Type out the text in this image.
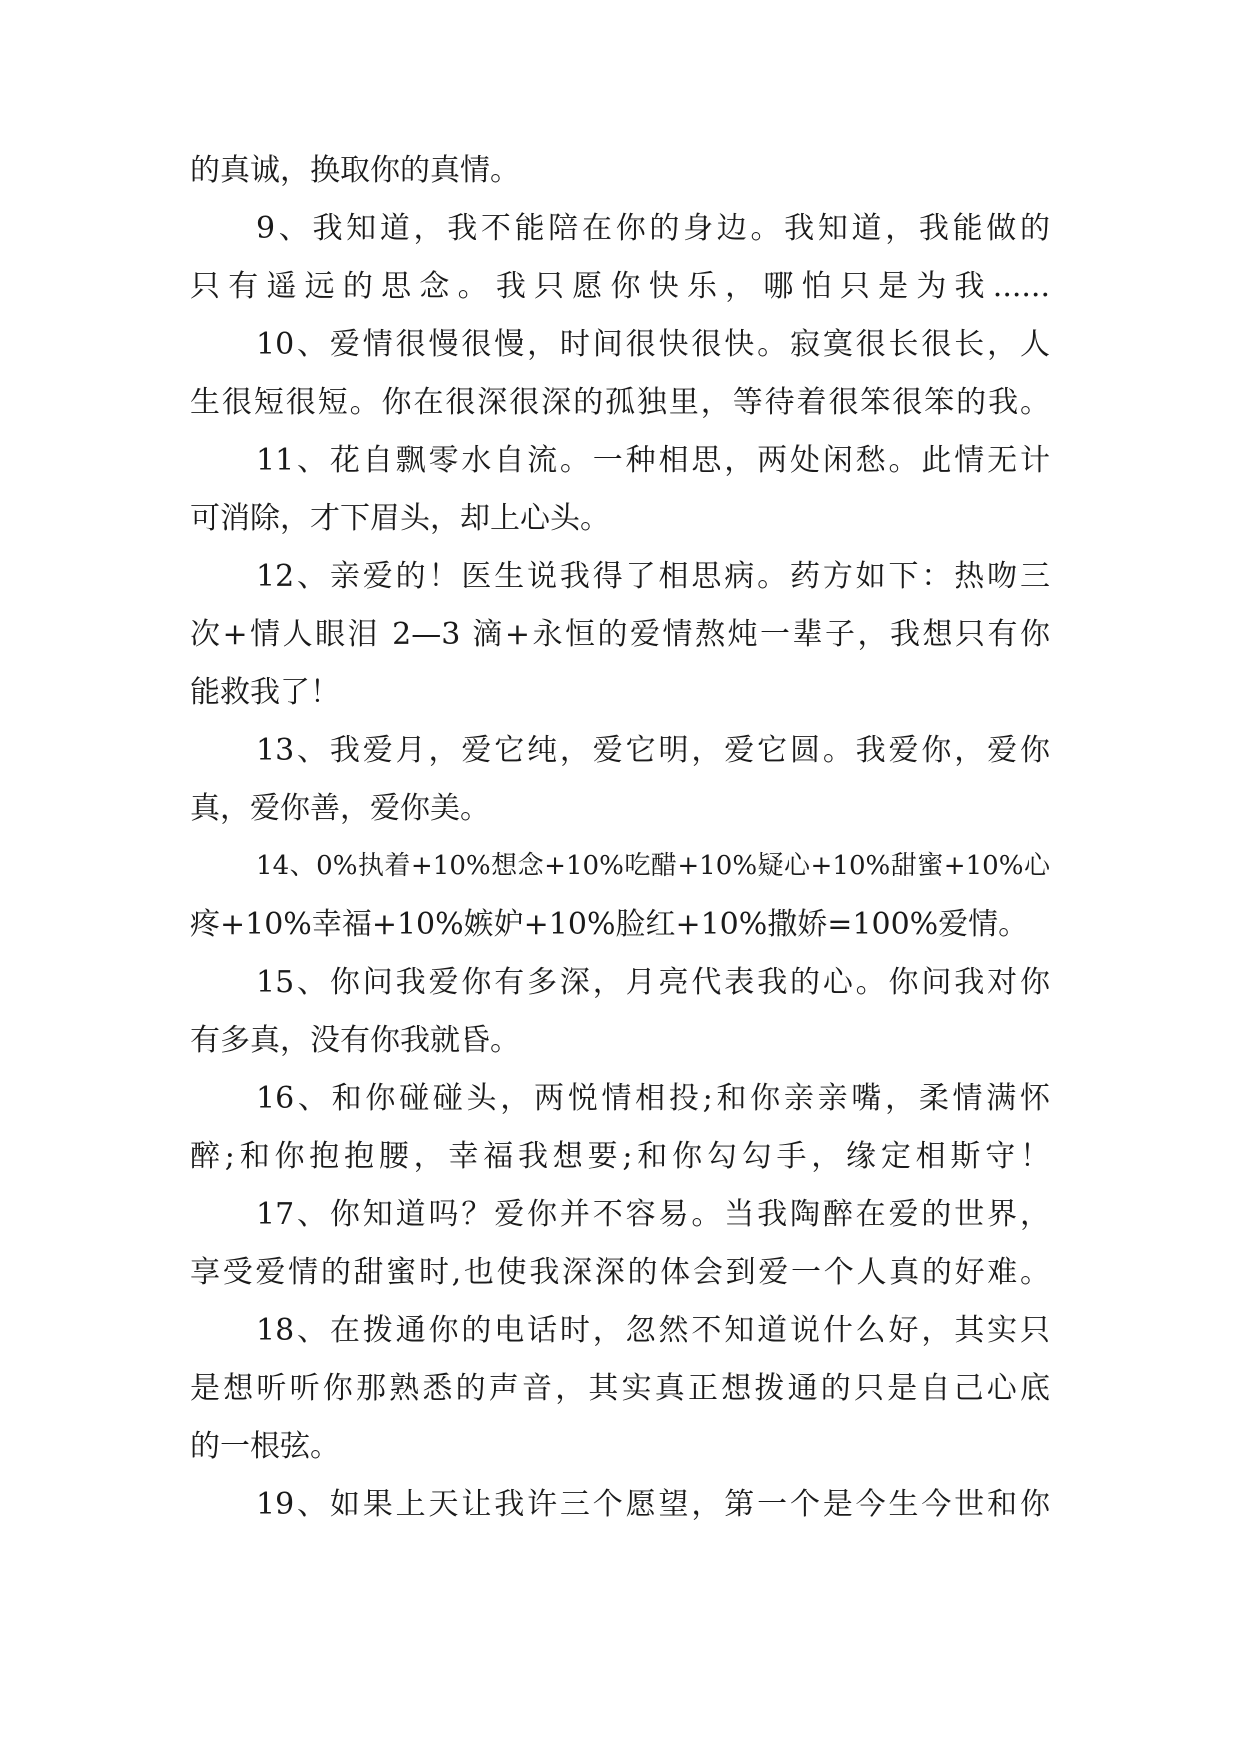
的真诚，换取你的真情。
9、我知道，我不能陪在你的身边。我知道，我能做的
只有遥远的思念。我只愿你快乐，哪怕只是为我......
10、爱情很慢很慢，时间很快很快。寂寞很长很长，人
生很短很短。你在很深很深的孤独里，等待着很笨很笨的我。
11、花自飘零水自流。一种相思，两处闲愁。此情无计
可消除，才下眉头，却上心头。
12、亲爱的！医生说我得了相思病。药方如下：热吻三
次+情人眼泪 2—3 滴+永恒的爱情熬炖一辈子，我想只有你
能救我了！
13、我爱月，爱它纯，爱它明，爱它圆。我爱你，爱你
真，爱你善，爱你美。
14、0%执着+10%想念+10%吃醋+10%疑心+10%甜蜜+10%心
疼+10%幸福+10%嫉妒+10%脸红+10%撒娇=100%爱情。
15、你问我爱你有多深，月亮代表我的心。你问我对你
有多真，没有你我就昏。
16、和你碰碰头，两悦情相投;和你亲亲嘴，柔情满怀
醉;和你抱抱腰，幸福我想要;和你勾勾手，缘定相斯守！
17、你知道吗？爱你并不容易。当我陶醉在爱的世界，
享受爱情的甜蜜时,也使我深深的体会到爱一个人真的好难。
18、在拨通你的电话时，忽然不知道说什么好，其实只
是想听听你那熟悉的声音，其实真正想拨通的只是自己心底
的一根弦。
19、如果上天让我许三个愿望，第一个是今生今世和你
